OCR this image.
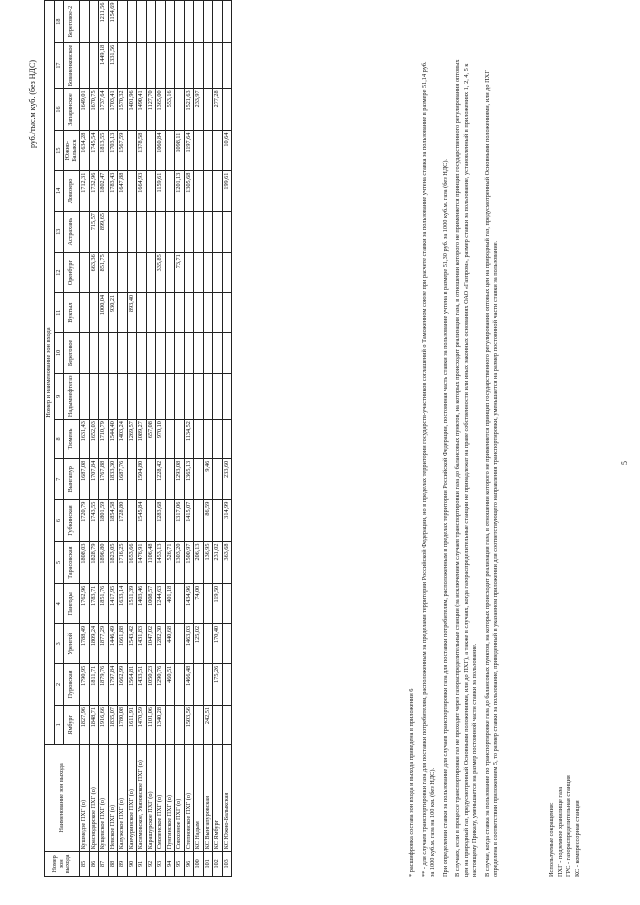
руб./тыс.м куб. (без НДС)
Номер зон выхода	Наименование зон выхода	Номер и наименование зон входа																	
		1	2	3	4	5	6	7	8	9	10	11	12	13	14	15	16	17	18
		Ямбург	Пуровская	Уренгой	Пангоды	Тарасовская	Губкинская	Вынгапур	Тюмень	Надымнефтегаз	Береговое	Вуктыл	Оренбург	Астрахань	Ловозеро	Южно-Балыкск	Запарянское	Бованенковское	Береговое-2
85	Кушмедзе ПХГ (о)	1827,96	1790,95	1788,49	1762,96	1808,03	1720,79	1687,08	1631,43						1712,31	1634,28	1649,01		
86	Краснодарское ПХГ (о)	1848,71	1811,71	1809,24	1783,71	1828,79	1743,55	1707,84	1652,03				663,36	715,57	1732,96	1745,54	1670,75		
87	Кущевское ПХГ (о)	1916,66	1879,76	1877,29	1851,76	1896,80	1801,59	1767,88	1710,79			1000,04	851,75	899,65	1802,47	1813,55	1737,64	1449,18	1211,56
88	Невское ПХГ (о)	1835,07	1797,84	1446,49	1417,95	1823,05	1854,58	1833,30	1544,40			930,21			1783,43	1703,13	1703,41	1331,56	1154,69
89	Калужское ПХГ (о)	1780,08	1662,99	1661,88	1633,14	1716,25	1728,80	1687,76	1403,24						1647,88	1567,59	1570,32		
90	Канчуринское ПХГ (о)	1611,91	1564,81	1543,42	1511,39	1653,66			1269,57			893,40					1401,96		
91	Касимовское, Увязовское ПХГ (о)	1470,59	1433,51	1431,83	1403,46	1476,91	1545,84	1504,80	1089,27						1664,93	1378,58	1490,41		
92	Карашурское ПХГ (о)	1101,06	1050,23	1047,02	1008,57	1106,48			657,08								1127,70		
93	Смоленское ПХГ (о)	1340,28	1290,76	1282,30	1244,63	1453,13	1283,68	1228,42	970,10				335,85		1159,61	1060,84	1365,00		
94	Пунгинское ПХГ (о)		460,51	440,68	401,18	526,71											553,16		
95	Совхозное ПХГ (о)					1303,20	1317,06	1293,08					73,71		1201,13	1098,11			
96	Степновское ПХГ (о)	1503,56	1466,48	1463,03	1434,96	1500,97	1415,07	1365,13	1134,52						1305,68	1197,64	1521,63		
100	КС Надым			125,02	74,00	206,13											233,97		
101	КС Вынгапуровская	242,51				136,95	86,59	9,46											
102	КС Ямбург		175,26	170,40	119,50	231,02											277,28		
103	КС Южно-Балыкская					363,68	314,99	233,60							199,61	10,64			

* расшифровка состава зон входа и выхода приведена в приложении 6 ** - для случаев транспортировки газа для поставки потребителям, расположенным за пределами территории Российской Федерации, но в пределах территории государств-участников соглашений о Таможенном союзе при расчете ставки за пользование учтена ставка за пользование в размере 51,14 руб. за 1000 куб.м. газа на 100 км. (без НДС). При определении ставки за пользование для случаев транспортировки газа для поставки потребителям, расположенным в пределах территории Российской Федерации, постоянная часть ставки за пользование учтена в размере 51,30 руб. за 1000 куб.м. газа (без НДС). В случаях, если в процессе транспортировки газ не проходит через газораспределительные станции (за исключением случаев транспортировки газа до балансовых пунктов, на которых происходит реализация газа, в отношении которого не применяется принцип государственного регулирования оптовых цен на природный газ, предусмотренный Основными положениями, или до ПХГ), а также в случаях, когда газораспределительные станции не принадлежат на праве собственности или иных законных основаниях ОАО «Газпром», размер ставки за пользование, установленный в приложениях 1, 2, 4, 5 к настоящему Приказу, уменьшается на размер постоянной части ставки за пользование. В случае, когда ставка за пользование по транспортировке газа до балансовых пунктов, на которых происходит реализация газа, в отношении которого не применяется принцип государственного регулирования оптовых цен на природный газ, предусмотренный Основными положениями, или до ПХГ определена в соответствии приложением 5, то размер ставки за пользование, приведенный в указанном приложении для соответствующего направления транспортировки, уменьшается на размер постоянной части ставки за пользование.	Используемые сокращения: ПХГ - подземное хранилище газа ГРС - газораспределительная станция КС - компрессорная станция
5
